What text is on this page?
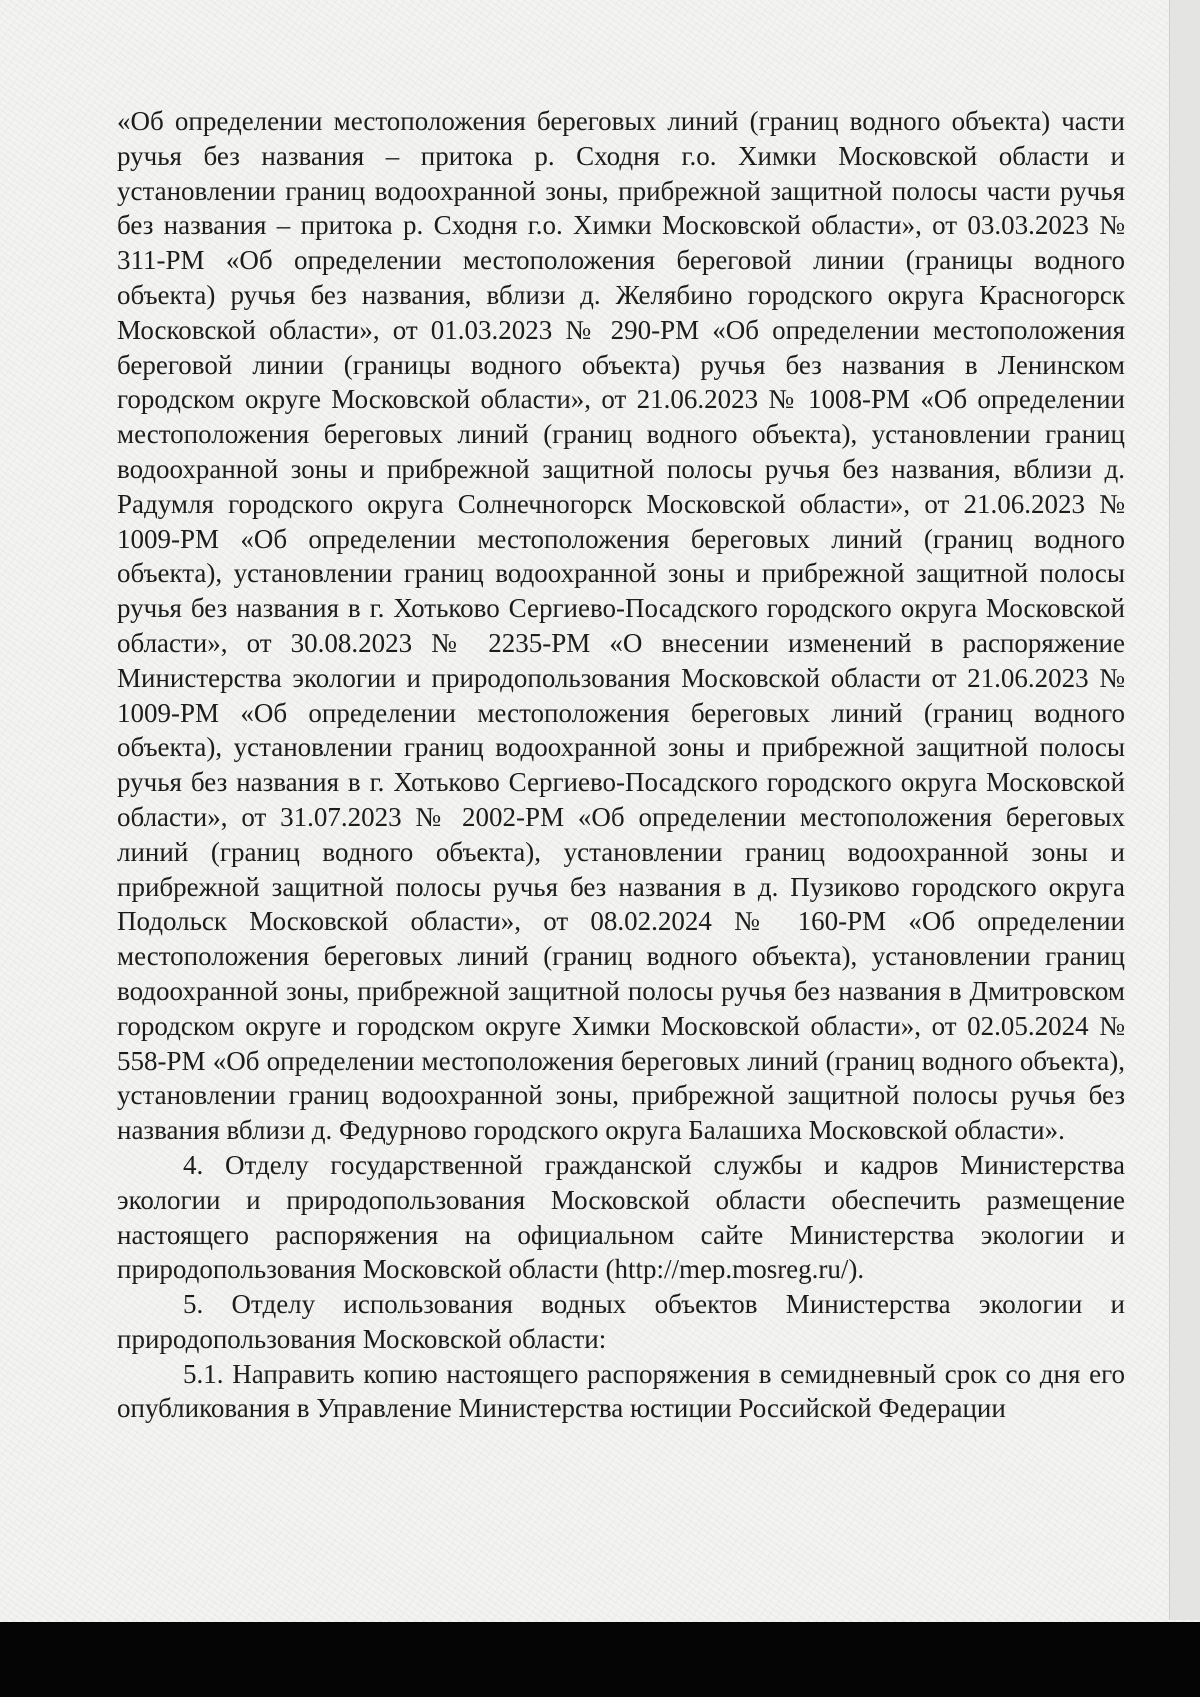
«Об определении местоположения береговых линий (границ водного объекта) части ручья без названия – притока р. Сходня г.о. Химки Московской области и установлении границ водоохранной зоны, прибрежной защитной полосы части ручья без названия – притока р. Сходня г.о. Химки Московской области», от 03.03.2023 № 311-РМ «Об определении местоположения береговой линии (границы водного объекта) ручья без названия, вблизи д. Желябино городского округа Красногорск Московской области», от 01.03.2023 № 290-РМ «Об определении местоположения береговой линии (границы водного объекта) ручья без названия в Ленинском городском округе Московской области», от 21.06.2023 № 1008-РМ «Об определении местоположения береговых линий (границ водного объекта), установлении границ водоохранной зоны и прибрежной защитной полосы ручья без названия, вблизи д. Радумля городского округа Солнечногорск Московской области», от 21.06.2023 № 1009-РМ «Об определении местоположения береговых линий (границ водного объекта), установлении границ водоохранной зоны и прибрежной защитной полосы ручья без названия в г. Хотьково Сергиево-Посадского городского округа Московской области», от 30.08.2023 № 2235-РМ «О внесении изменений в распоряжение Министерства экологии и природопользования Московской области от 21.06.2023 № 1009-РМ «Об определении местоположения береговых линий (границ водного объекта), установлении границ водоохранной зоны и прибрежной защитной полосы ручья без названия в г. Хотьково Сергиево-Посадского городского округа Московской области», от 31.07.2023 № 2002-РМ «Об определении местоположения береговых линий (границ водного объекта), установлении границ водоохранной зоны и прибрежной защитной полосы ручья без названия в д. Пузиково городского округа Подольск Московской области», от 08.02.2024 № 160-РМ «Об определении местоположения береговых линий (границ водного объекта), установлении границ водоохранной зоны, прибрежной защитной полосы ручья без названия в Дмитровском городском округе и городском округе Химки Московской области», от 02.05.2024 № 558-РМ «Об определении местоположения береговых линий (границ водного объекта), установлении границ водоохранной зоны, прибрежной защитной полосы ручья без названия вблизи д. Федурново городского округа Балашиха Московской области».

4. Отделу государственной гражданской службы и кадров Министерства экологии и природопользования Московской области обеспечить размещение настоящего распоряжения на официальном сайте Министерства экологии и природопользования Московской области (http://mep.mosreg.ru/).

5. Отделу использования водных объектов Министерства экологии и природопользования Московской области:

5.1. Направить копию настоящего распоряжения в семидневный срок со дня его опубликования в Управление Министерства юстиции Российской Федерации
